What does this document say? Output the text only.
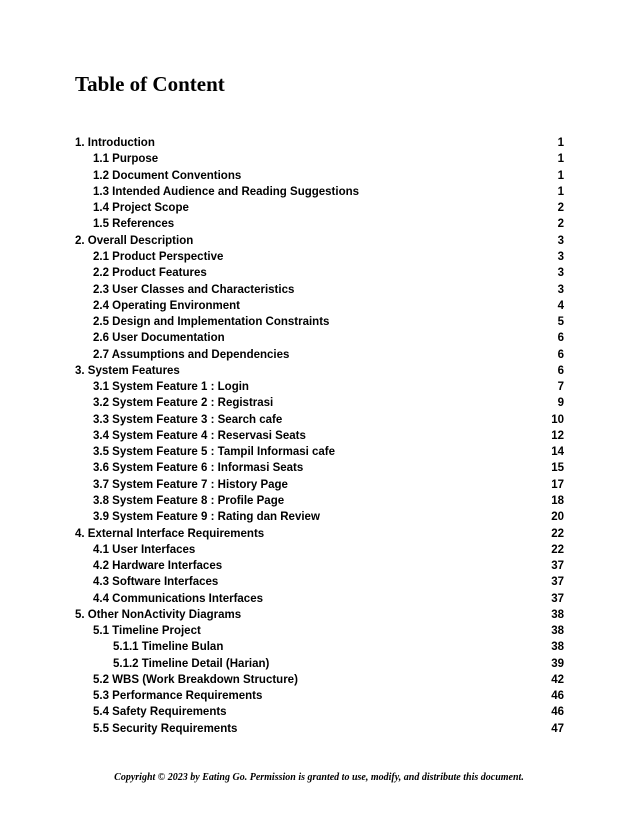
Table of Content
1. Introduction	1
1.1 Purpose	1
1.2 Document Conventions	1
1.3 Intended Audience and Reading Suggestions	1
1.4 Project Scope	2
1.5 References	2
2. Overall Description	3
2.1 Product Perspective	3
2.2 Product Features	3
2.3 User Classes and Characteristics	3
2.4 Operating Environment	4
2.5 Design and Implementation Constraints	5
2.6 User Documentation	6
2.7 Assumptions and Dependencies	6
3. System Features	6
3.1 System Feature 1 : Login	7
3.2 System Feature 2 : Registrasi	9
3.3 System Feature 3 : Search cafe	10
3.4 System Feature 4 : Reservasi Seats	12
3.5 System Feature 5 : Tampil Informasi cafe	14
3.6 System Feature 6 : Informasi Seats	15
3.7 System Feature 7 : History Page	17
3.8 System Feature 8 : Profile Page	18
3.9 System Feature 9 : Rating dan Review	20
4. External Interface Requirements	22
4.1 User Interfaces	22
4.2 Hardware Interfaces	37
4.3 Software Interfaces	37
4.4 Communications Interfaces	37
5. Other NonActivity Diagrams	38
5.1 Timeline Project	38
5.1.1 Timeline Bulan	38
5.1.2 Timeline Detail (Harian)	39
5.2 WBS (Work Breakdown Structure)	42
5.3 Performance Requirements	46
5.4 Safety Requirements	46
5.5 Security Requirements	47
Copyright © 2023 by Eating Go. Permission is granted to use, modify, and distribute this document.
